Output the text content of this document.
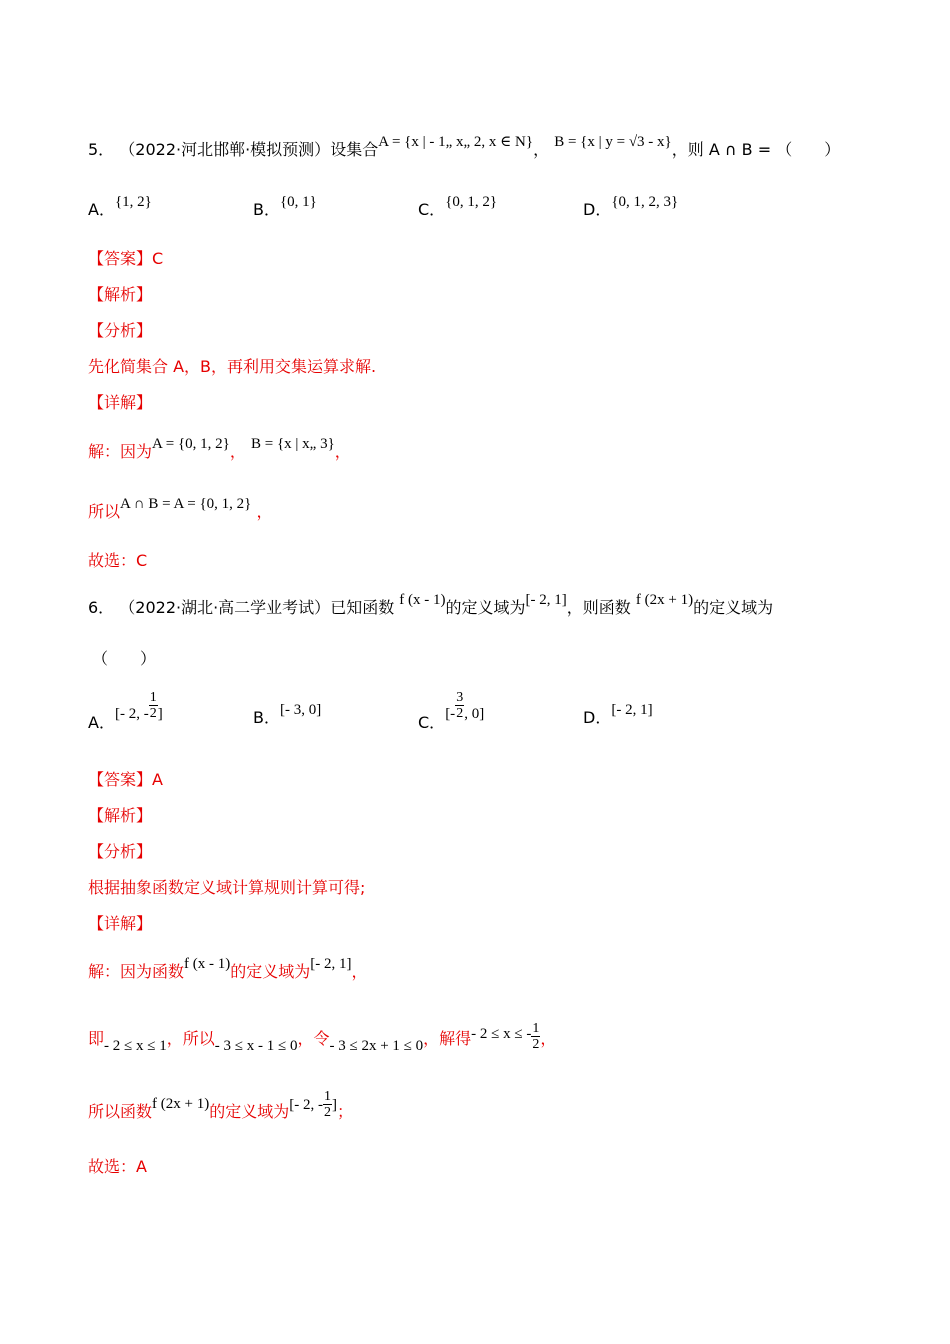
5． （2022·河北邯郸·模拟预测）设集合A = {x | - 1„ x„ 2, x ∈ N}， B = {x | y = √3 - x}，则 A ∩ B = （　　）
A．{1, 2}	B．{0, 1}	C．{0, 1, 2}	D．{0, 1, 2, 3}
【答案】C
【解析】
【分析】
先化简集合 A，B，再利用交集运算求解.
【详解】
解：因为A = {0, 1, 2}， B = {x | x„ 3}，
所以A ∩ B = A = {0, 1, 2} ，
故选：C
6． （2022·湖北·高二学业考试）已知函数 f (x - 1)的定义域为[- 2, 1]，则函数 f (2x + 1)的定义域为
（　　）
A．[- 2, - $\frac{1}{2}$ ]	B．[- 3, 0]
C．[- $\frac{3}{2}$ , 0]	D．[- 2, 1]
【答案】A
【解析】
【分析】
根据抽象函数定义域计算规则计算可得;
【详解】
解：因为函数f (x - 1)的定义域为[- 2, 1]，
即- 2 ≤ x ≤ 1，所以- 3 ≤ x - 1 ≤ 0，令- 3 ≤ 2x + 1 ≤ 0，解得- 2 ≤ x ≤ - $\frac{1}{2}$ ，
所以函数f (2x + 1)的定义域为[- 2, - $\frac{1}{2}$ ]；
故选：A
